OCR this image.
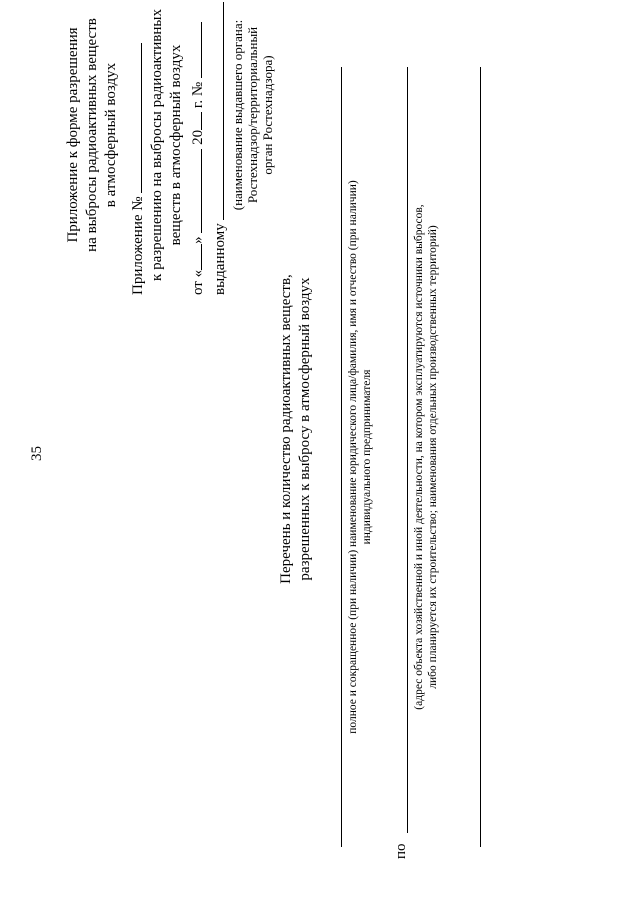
35
Приложение к форме разрешения на выбросы радиоактивных веществ в атмосферный воздух
Приложение № к разрешению на выбросы радиоактивных веществ в атмосферный воздух
от «»  20 г. №
выданному
(наименование выдавшего органа: Ростехнадзор/территориальный орган Ростехнадзора)
Перечень и количество радиоактивных веществ, разрешенных к выбросу в атмосферный воздух	полное и сокращенное (при наличии) наименование юридического лица/фамилия, имя и отчество (при наличии) индивидуального предпринимателя
по
(адрес объекта хозяйственной и иной деятельности, на котором эксплуатируются источники выбросов, либо планируется их строительство; наименования отдельных производственных территорий)
